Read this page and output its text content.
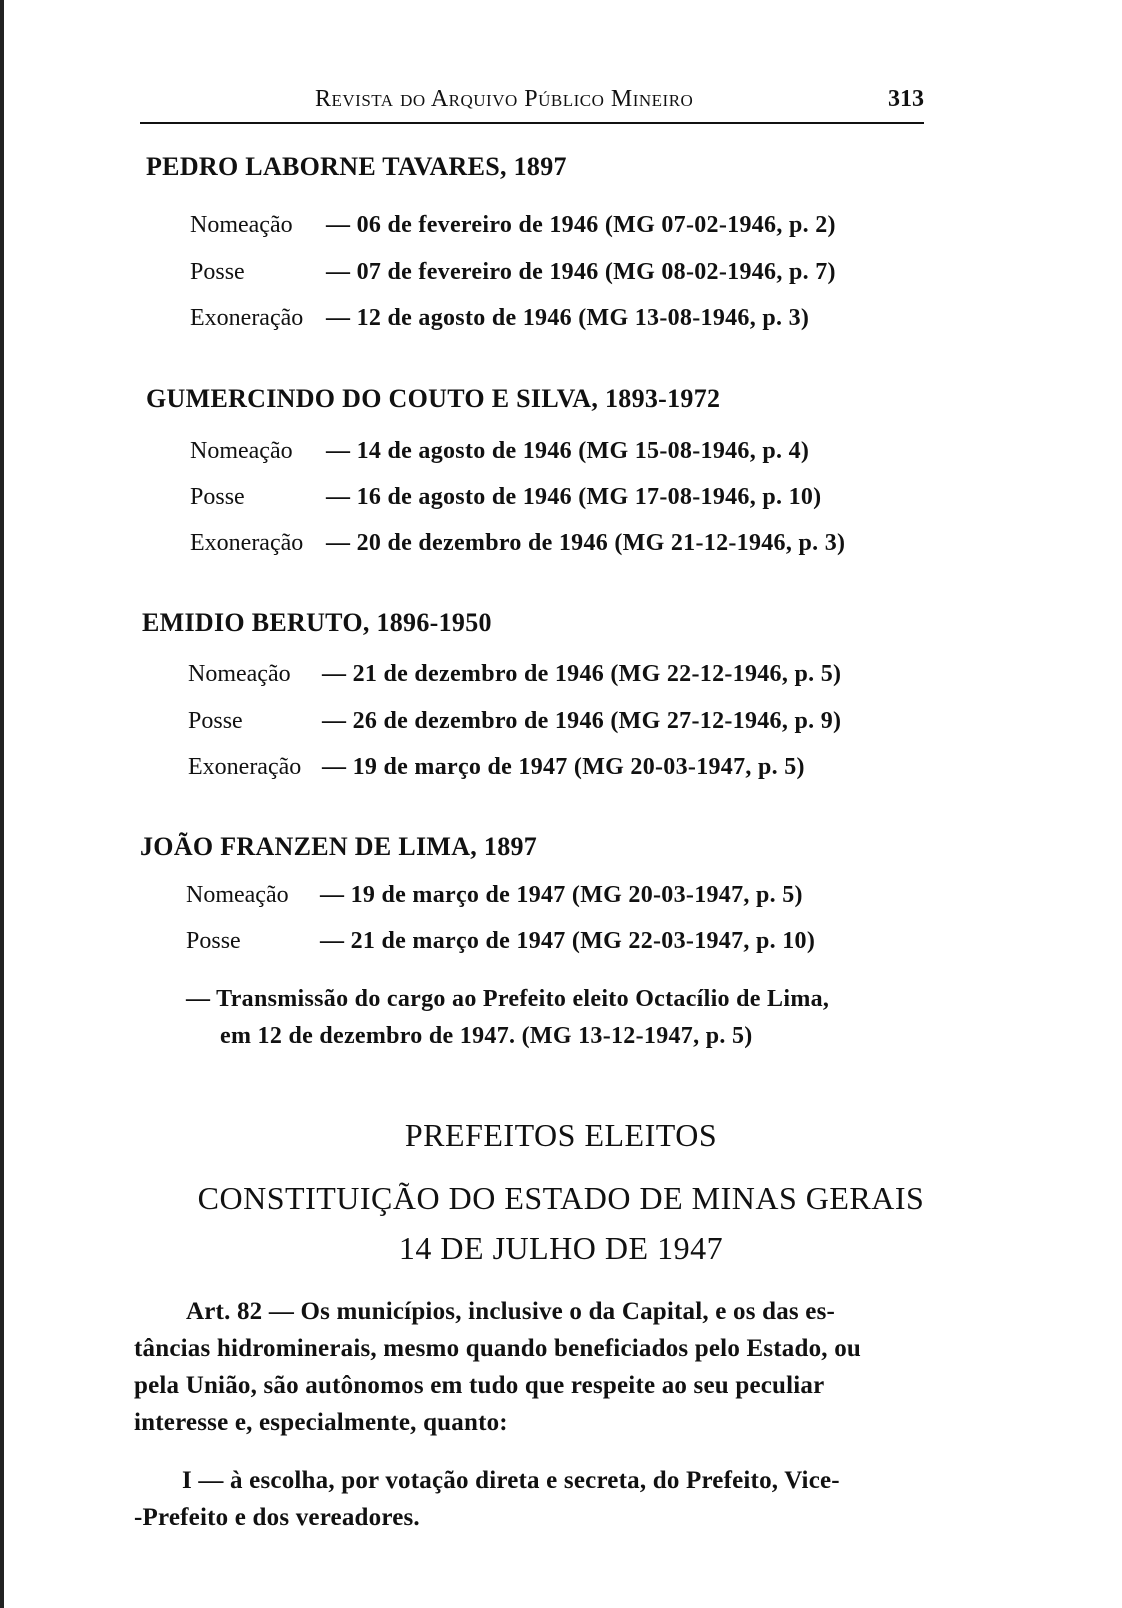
Revista do Arquivo Público Mineiro	313
PEDRO LABORNE TAVARES, 1897
Nomeação — 06 de fevereiro de 1946 (MG 07-02-1946, p. 2)
Posse	— 07 de fevereiro de 1946 (MG 08-02-1946, p. 7)
Exoneração — 12 de agosto de 1946 (MG 13-08-1946, p. 3)
GUMERCINDO DO COUTO E SILVA, 1893-1972
Nomeação — 14 de agosto de 1946 (MG 15-08-1946, p. 4)
Posse	— 16 de agosto de 1946 (MG 17-08-1946, p. 10)
Exoneração — 20 de dezembro de 1946 (MG 21-12-1946, p. 3)
EMIDIO BERUTO, 1896-1950
Nomeação — 21 de dezembro de 1946 (MG 22-12-1946, p. 5)
Posse	— 26 de dezembro de 1946 (MG 27-12-1946, p. 9)
Exoneração — 19 de março de 1947 (MG 20-03-1947, p. 5)
JOÃO FRANZEN DE LIMA, 1897
Nomeação — 19 de março de 1947 (MG 20-03-1947, p. 5)
Posse	— 21 de março de 1947 (MG 22-03-1947, p. 10)
— Transmissão do cargo ao Prefeito eleito Octacílio de Lima,
em 12 de dezembro de 1947. (MG 13-12-1947, p. 5)
PREFEITOS ELEITOS
CONSTITUIÇÃO DO ESTADO DE MINAS GERAIS
14 DE JULHO DE 1947
Art. 82 — Os municípios, inclusive o da Capital, e os das es-
tâncias hidrominerais, mesmo quando beneficiados pelo Estado, ou
pela União, são autônomos em tudo que respeite ao seu peculiar
interesse e, especialmente, quanto:
I — à escolha, por votação direta e secreta, do Prefeito, Vice-
-Prefeito e dos vereadores.
